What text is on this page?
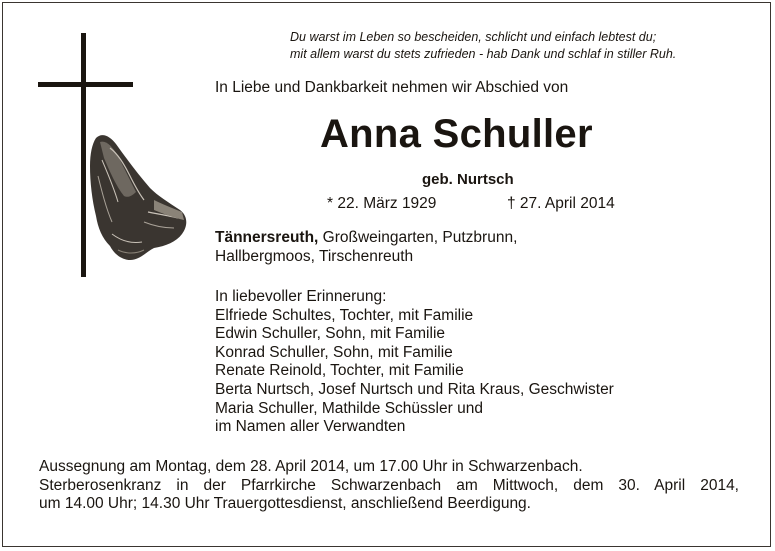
Du warst im Leben so bescheiden, schlicht und einfach lebtest du;
mit allem warst du stets zufrieden - hab Dank und schlaf in stiller Ruh.
In Liebe und Dankbarkeit nehmen wir Abschied von
Anna Schuller
geb. Nurtsch
* 22. März 1929	† 27. April 2014
Tännersreuth, Großweingarten, Putzbrunn,
Hallbergmoos, Tirschenreuth
In liebevoller Erinnerung:
Elfriede Schultes, Tochter, mit Familie
Edwin Schuller, Sohn, mit Familie
Konrad Schuller, Sohn, mit Familie
Renate Reinold, Tochter, mit Familie
Berta Nurtsch, Josef Nurtsch und Rita Kraus, Geschwister
Maria Schuller, Mathilde Schüssler und
im Namen aller Verwandten
Aussegnung am Montag, dem 28. April 2014, um 17.00 Uhr in Schwarzenbach.
Sterberosenkranz in der Pfarrkirche Schwarzenbach am Mittwoch, dem 30. April 2014,
um 14.00 Uhr; 14.30 Uhr Trauergottesdienst, anschließend Beerdigung.
